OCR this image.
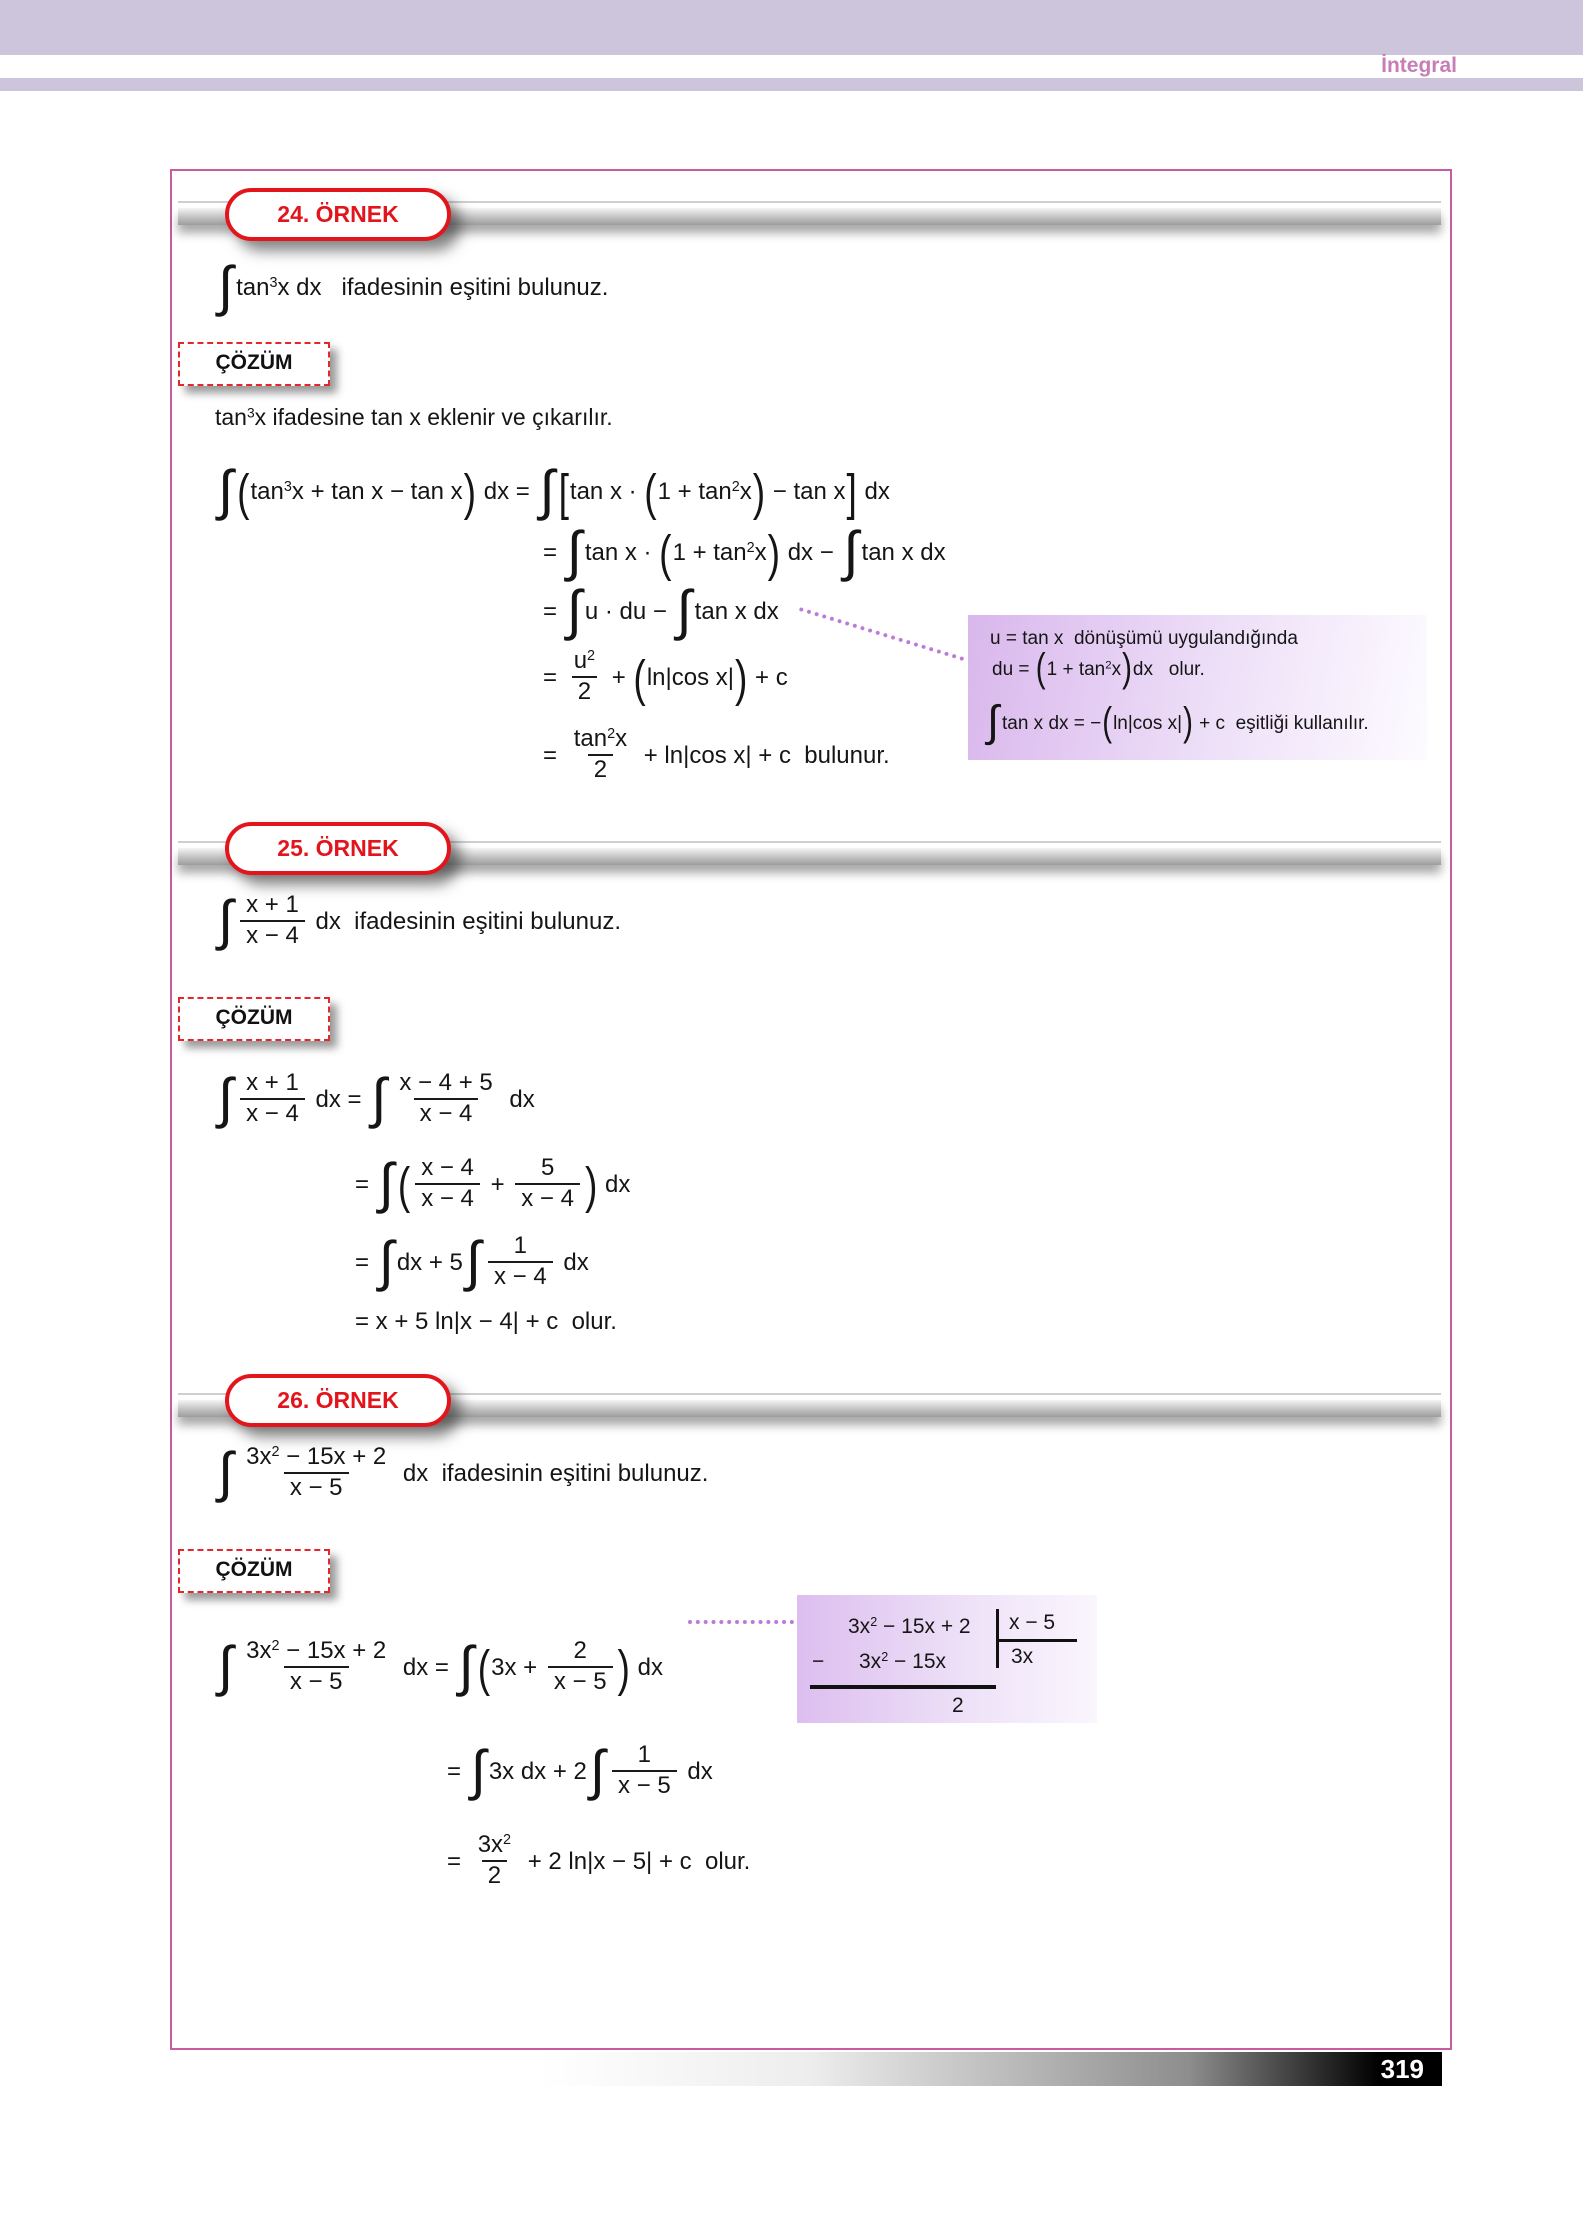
İntegral
24. ÖRNEK
∫ $\tan^3x$ dx   ifadesinin eşitini bulunuz.
ÇÖZÜM
$\tan^3x$ ifadesine tan x eklenir ve çıkarılır.
∫ $(\tan^3x + \tan x - \tan x)$ dx = ∫ [tan $x \cdot (1 + \tan^2x) - \tan x$] dx
= ∫ $\tan x \cdot (1 + \tan^2x)$ dx − ∫ tan x dx
= ∫ u · du − ∫ tan x dx
= $\frac{u^2}{2} + (\ln|\cos$ x|) + c
= $\frac{\tan^2x}{2} + \ln|\cos$ x| + c  bulunur.
u = tan x  dönüşümü uygulandığında
du = $(1 + \tan^2x)dx$   olur.
∫ tan x dx = −(ln|cos x|) + c  eşitliği kullanılır.
25. ÖRNEK
∫ $\frac{x + 1}{x - 4}$ dx  ifadesinin eşitini bulunuz.
ÇÖZÜM
∫ $\frac{x + 1}{x - 4}$ dx = ∫ $\frac{x - 4 + 5}{x - 4}$ dx
= ∫ ( $\frac{x - 4}{x - 4} + \frac{5}{x - 4}$ ) dx
= ∫ dx + $5\int \frac{1}{x - 4}$ dx
= x + 5 ln|x − 4| + c  olur.
26. ÖRNEK
∫ $\frac{3x^2 - 15x + 2}{x - 5}$ dx  ifadesinin eşitini bulunuz.
ÇÖZÜM
∫ $\frac{3x^2 - 15x + 2}{x - 5}$ dx = ∫ ($3x + \frac{2}{x - 5}$ ) dx
= ∫ 3x dx + $2\int \frac{1}{x - 5}$ dx
= $\frac{3x^2}{2} + 2$ ln|x − 5| + c  olur.
$3x^2 - 15x + 2$ x − 5
3x
− $3x^2 - 15x$
2
319
